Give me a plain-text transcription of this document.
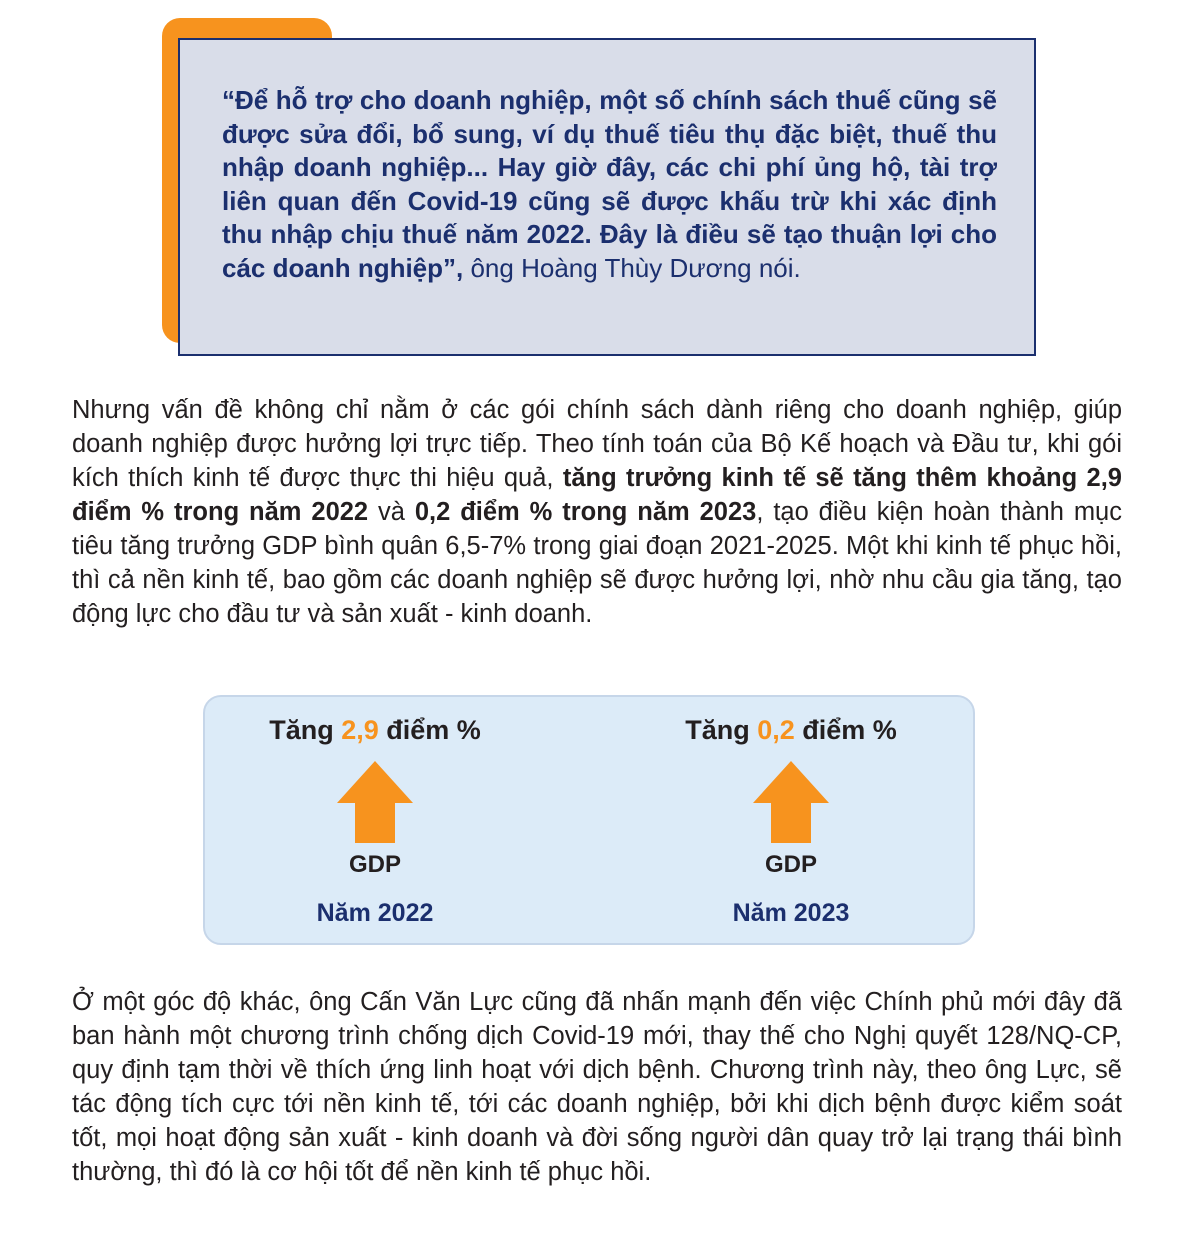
“Để hỗ trợ cho doanh nghiệp, một số chính sách thuế cũng sẽ được sửa đổi, bổ sung, ví dụ thuế tiêu thụ đặc biệt, thuế thu nhập doanh nghiệp... Hay giờ đây, các chi phí ủng hộ, tài trợ liên quan đến Covid-19 cũng sẽ được khấu trừ khi xác định thu nhập chịu thuế năm 2022. Đây là điều sẽ tạo thuận lợi cho các doanh nghiệp”, ông Hoàng Thùy Dương nói.

Nhưng vấn đề không chỉ nằm ở các gói chính sách dành riêng cho doanh nghiệp, giúp doanh nghiệp được hưởng lợi trực tiếp. Theo tính toán của Bộ Kế hoạch và Đầu tư, khi gói kích thích kinh tế được thực thi hiệu quả, tăng trưởng kinh tế sẽ tăng thêm khoảng 2,9 điểm % trong năm 2022 và 0,2 điểm % trong năm 2023, tạo điều kiện hoàn thành mục tiêu tăng trưởng GDP bình quân 6,5-7% trong giai đoạn 2021-2025. Một khi kinh tế phục hồi, thì cả nền kinh tế, bao gồm các doanh nghiệp sẽ được hưởng lợi, nhờ nhu cầu gia tăng, tạo động lực cho đầu tư và sản xuất - kinh doanh.

Tăng 2,9 điểm %
GDP
Năm 2022
Tăng 0,2 điểm %
GDP
Năm 2023

Ở một góc độ khác, ông Cấn Văn Lực cũng đã nhấn mạnh đến việc Chính phủ mới đây đã ban hành một chương trình chống dịch Covid-19 mới, thay thế cho Nghị quyết 128/NQ-CP, quy định tạm thời về thích ứng linh hoạt với dịch bệnh. Chương trình này, theo ông Lực, sẽ tác động tích cực tới nền kinh tế, tới các doanh nghiệp, bởi khi dịch bệnh được kiểm soát tốt, mọi hoạt động sản xuất - kinh doanh và đời sống người dân quay trở lại trạng thái bình thường, thì đó là cơ hội tốt để nền kinh tế phục hồi.
